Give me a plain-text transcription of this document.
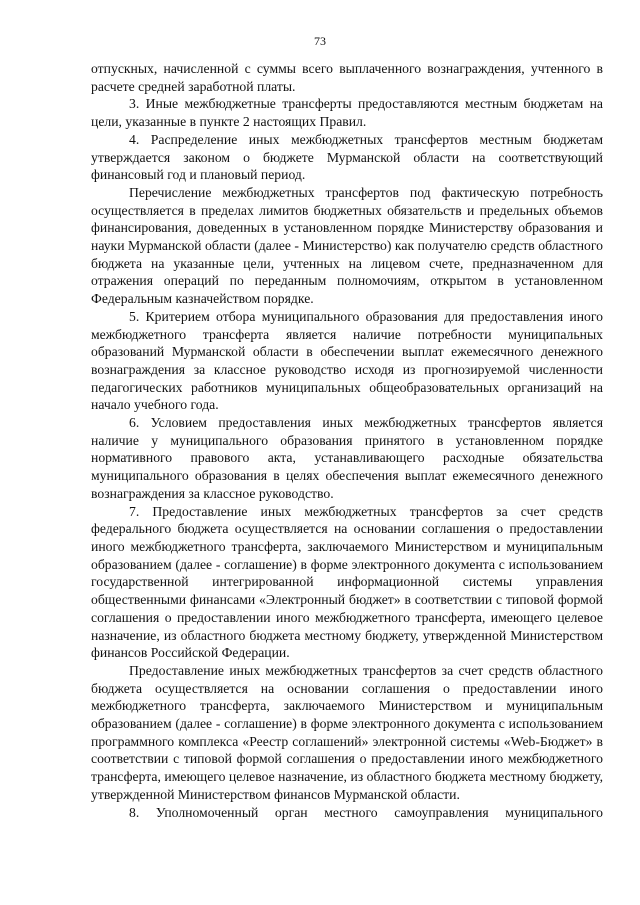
73

отпускных, начисленной с суммы всего выплаченного вознаграждения, учтенного в расчете средней заработной платы.

3. Иные межбюджетные трансферты предоставляются местным бюджетам на цели, указанные в пункте 2 настоящих Правил.

4. Распределение иных межбюджетных трансфертов местным бюджетам утверждается законом о бюджете Мурманской области на соответствующий финансовый год и плановый период.

Перечисление межбюджетных трансфертов под фактическую потребность осуществляется в пределах лимитов бюджетных обязательств и предельных объемов финансирования, доведенных в установленном порядке Министерству образования и науки Мурманской области (далее - Министерство) как получателю средств областного бюджета на указанные цели, учтенных на лицевом счете, предназначенном для отражения операций по переданным полномочиям, открытом в установленном Федеральным казначейством порядке.

5. Критерием отбора муниципального образования для предоставления иного межбюджетного трансферта является наличие потребности муниципальных образований Мурманской области в обеспечении выплат ежемесячного денежного вознаграждения за классное руководство исходя из прогнозируемой численности педагогических работников муниципальных общеобразовательных организаций на начало учебного года.

6. Условием предоставления иных межбюджетных трансфертов является наличие у муниципального образования принятого в установленном порядке нормативного правового акта, устанавливающего расходные обязательства муниципального образования в целях обеспечения выплат ежемесячного денежного вознаграждения за классное руководство.

7. Предоставление иных межбюджетных трансфертов за счет средств федерального бюджета осуществляется на основании соглашения о предоставлении иного межбюджетного трансферта, заключаемого Министерством и муниципальным образованием (далее - соглашение) в форме электронного документа с использованием государственной интегрированной информационной системы управления общественными финансами «Электронный бюджет» в соответствии с типовой формой соглашения о предоставлении иного межбюджетного трансферта, имеющего целевое назначение, из областного бюджета местному бюджету, утвержденной Министерством финансов Российской Федерации.

Предоставление иных межбюджетных трансфертов за счет средств областного бюджета осуществляется на основании соглашения о предоставлении иного межбюджетного трансферта, заключаемого Министерством и муниципальным образованием (далее - соглашение) в форме электронного документа с использованием программного комплекса «Реестр соглашений» электронной системы «Web-Бюджет» в соответствии с типовой формой соглашения о предоставлении иного межбюджетного трансферта, имеющего целевое назначение, из областного бюджета местному бюджету, утвержденной Министерством финансов Мурманской области.

8. Уполномоченный орган местного самоуправления муниципального
